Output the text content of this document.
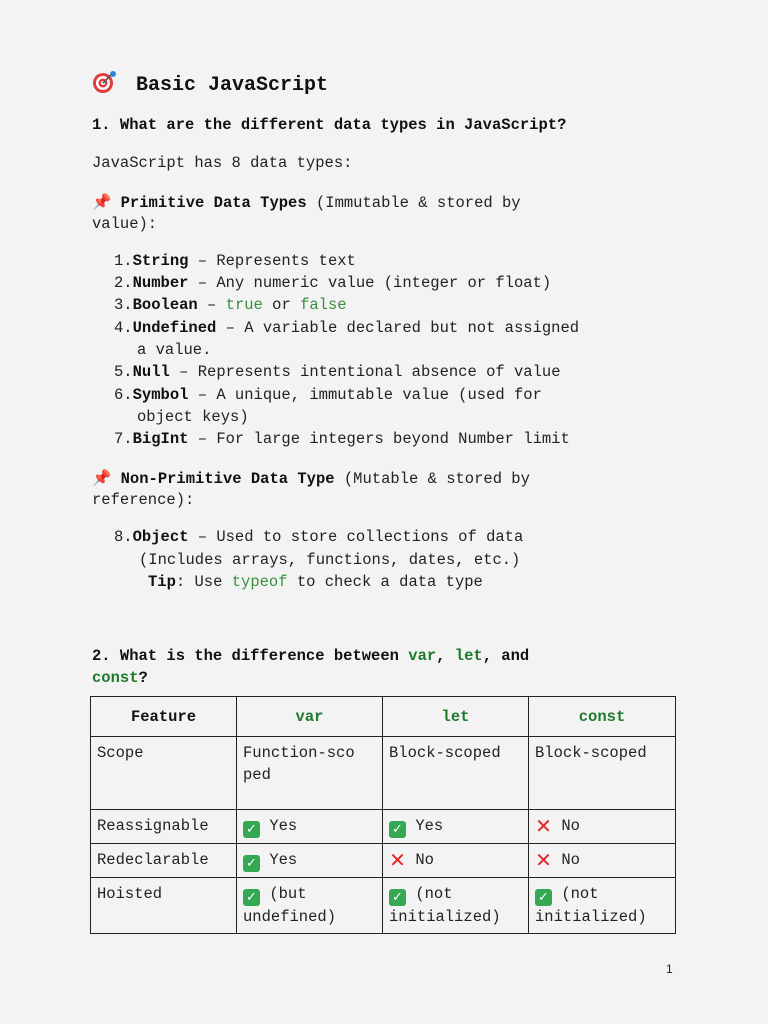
Basic JavaScript
1. What are the different data types in JavaScript?
JavaScript has 8 data types:
📌 Primitive Data Types (Immutable & stored by
value):
1.String – Represents text
2.Number – Any numeric value (integer or float)
3.Boolean – true or false
4.Undefined – A variable declared but not assigned
a value.
5.Null – Represents intentional absence of value
6.Symbol – A unique, immutable value (used for
object keys)
7.BigInt – For large integers beyond Number limit
📌 Non-Primitive Data Type (Mutable & stored by
reference):
8.Object – Used to store collections of data
(Includes arrays, functions, dates, etc.)
Tip: Use typeof to check a data type
2. What is the difference between var, let, and
const?
Feature	var	let	const
Scope	Function-sco
ped	Block-scoped	Block-scoped
Reassignable	✓ Yes	✓ Yes	✕ No
Redeclarable	✓ Yes	✕ No	✕ No
Hoisted	✓ (but
undefined)	✓ (not
initialized)	✓ (not
initialized)
1
